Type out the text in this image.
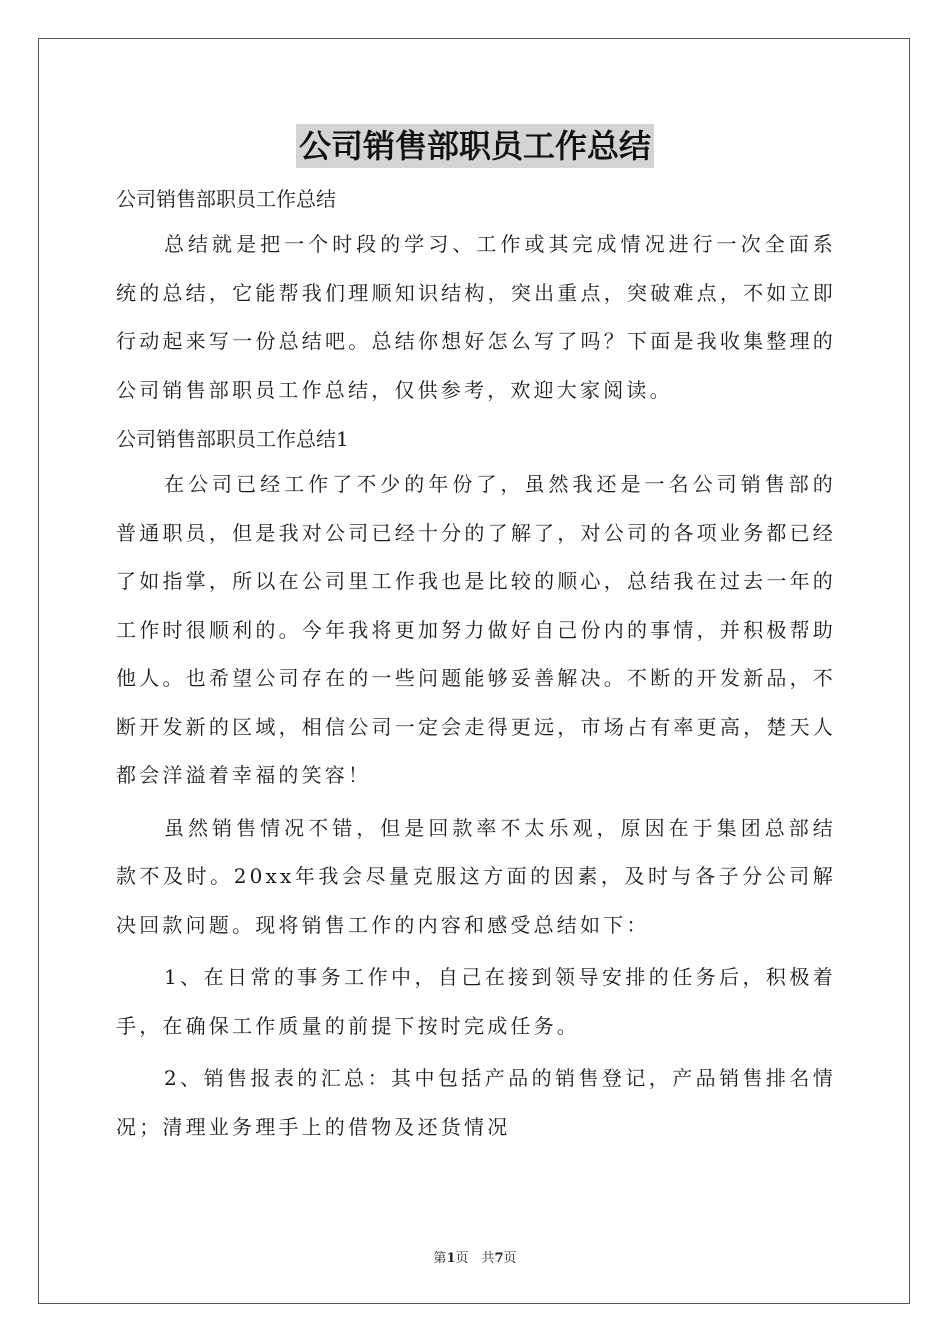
公司销售部职员工作总结

公司销售部职员工作总结

总结就是把一个时段的学习、工作或其完成情况进行一次全面系统的总结，它能帮我们理顺知识结构，突出重点，突破难点，不如立即行动起来写一份总结吧。总结你想好怎么写了吗？下面是我收集整理的公司销售部职员工作总结，仅供参考，欢迎大家阅读。

公司销售部职员工作总结1

在公司已经工作了不少的年份了，虽然我还是一名公司销售部的普通职员，但是我对公司已经十分的了解了，对公司的各项业务都已经了如指掌，所以在公司里工作我也是比较的顺心，总结我在过去一年的工作时很顺利的。今年我将更加努力做好自己份内的事情，并积极帮助他人。也希望公司存在的一些问题能够妥善解决。不断的开发新品，不断开发新的区域，相信公司一定会走得更远，市场占有率更高，楚天人都会洋溢着幸福的笑容！

虽然销售情况不错，但是回款率不太乐观，原因在于集团总部结款不及时。20xx年我会尽量克服这方面的因素，及时与各子分公司解决回款问题。现将销售工作的内容和感受总结如下：

1、在日常的事务工作中，自己在接到领导安排的任务后，积极着手，在确保工作质量的前提下按时完成任务。

2、销售报表的汇总：其中包括产品的销售登记，产品销售排名情况；清理业务理手上的借物及还货情况

第1页　共7页
